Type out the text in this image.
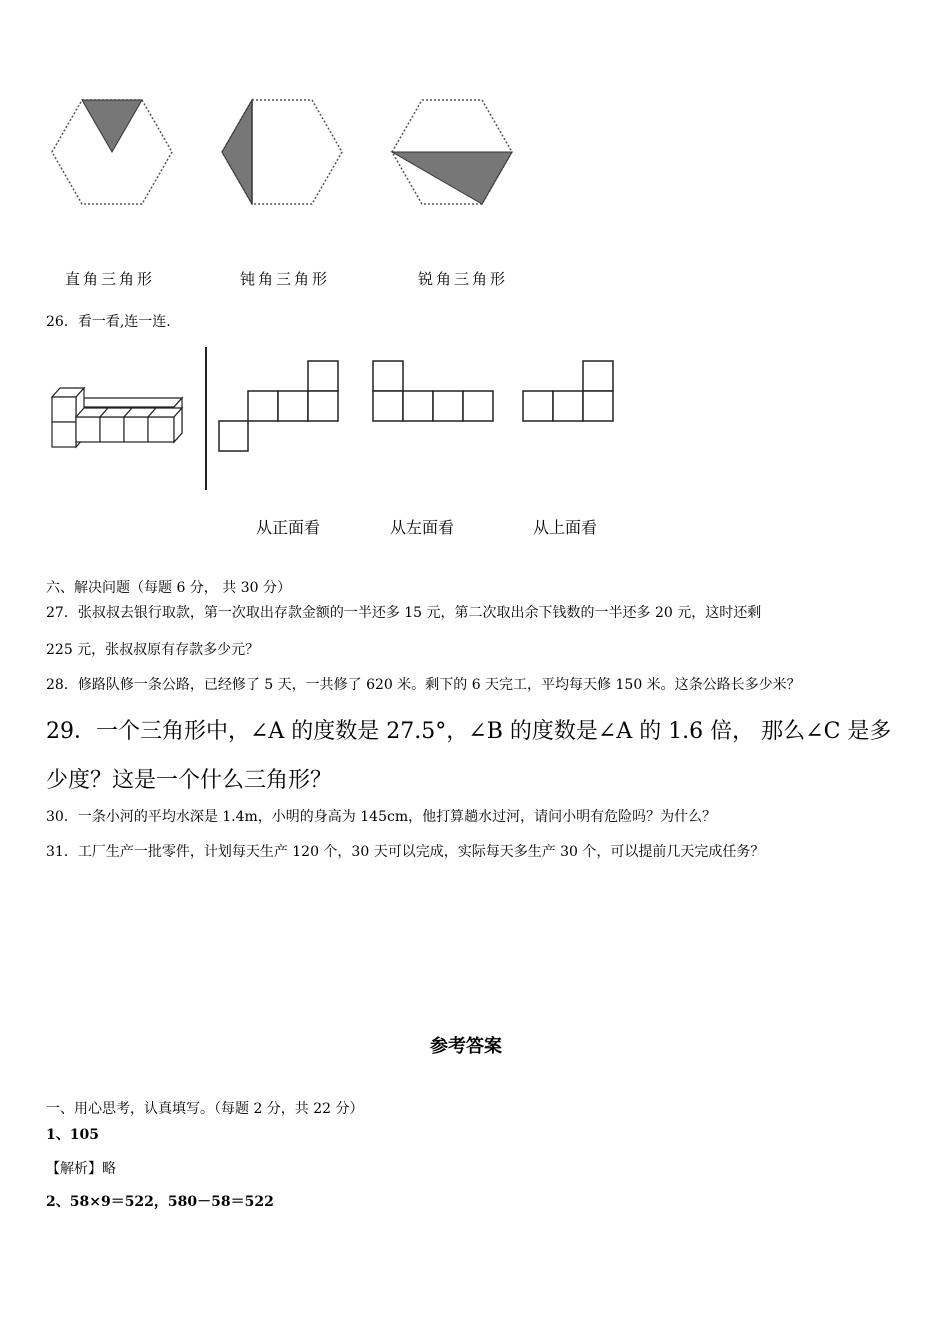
直角三角形	钝角三角形	锐角三角形
26．看一看,连一连.
从正面看	从左面看	从上面看
六、解决问题（每题 6 分， 共 30 分）
27．张叔叔去银行取款，第一次取出存款金额的一半还多 15 元，第二次取出余下钱数的一半还多 20 元，这时还剩
225 元，张叔叔原有存款多少元？
28．修路队修一条公路，已经修了 5 天，一共修了 620 米。剩下的 6 天完工，平均每天修 150 米。这条公路长多少米？
29．一个三角形中，∠A 的度数是 27.5°，∠B 的度数是∠A 的 1.6 倍， 那么∠C 是多
少度？这是一个什么三角形？
30．一条小河的平均水深是 1.4m，小明的身高为 145cm，他打算趟水过河，请问小明有危险吗？为什么？
31．工厂生产一批零件，计划每天生产 120 个，30 天可以完成，实际每天多生产 30 个，可以提前几天完成任务？
参考答案
一、用心思考，认真填写。（每题 2 分，共 22 分）
1、105
【解析】略
2、58×9＝522，580－58＝522
